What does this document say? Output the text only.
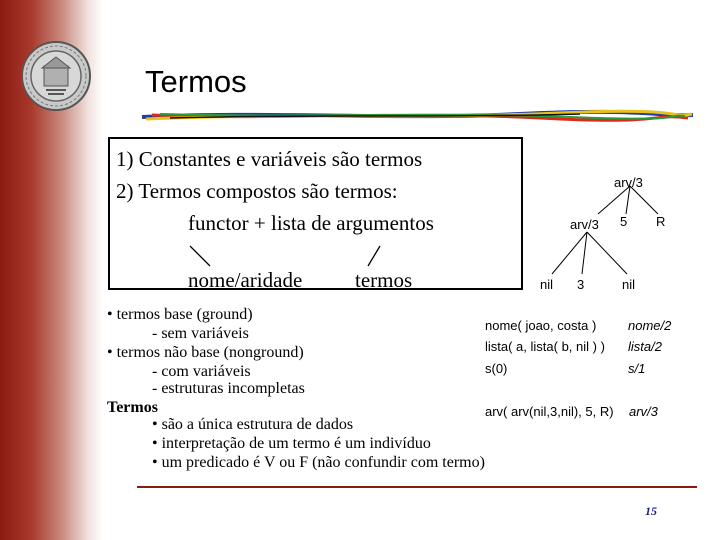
Termos
1) Constantes e variáveis são termos
2) Termos compostos são termos:
functor + lista de argumentos
nome/aridade	termos
arv/3
arv/3 5 R
nil 3	nil
• termos base (ground)
- sem variáveis
• termos não base (nonground)
- com variáveis
- estruturas incompletas
Termos
• são a única estrutura de dados
• interpretação de um termo é um indivíduo
• um predicado é V ou F (não confundir com termo)
nome( joao, costa ) nome/2
lista( a, lista( b, nil ) ) lista/2
s(0)	s/1
arv( arv(nil,3,nil), 5, R) arv/3
15
